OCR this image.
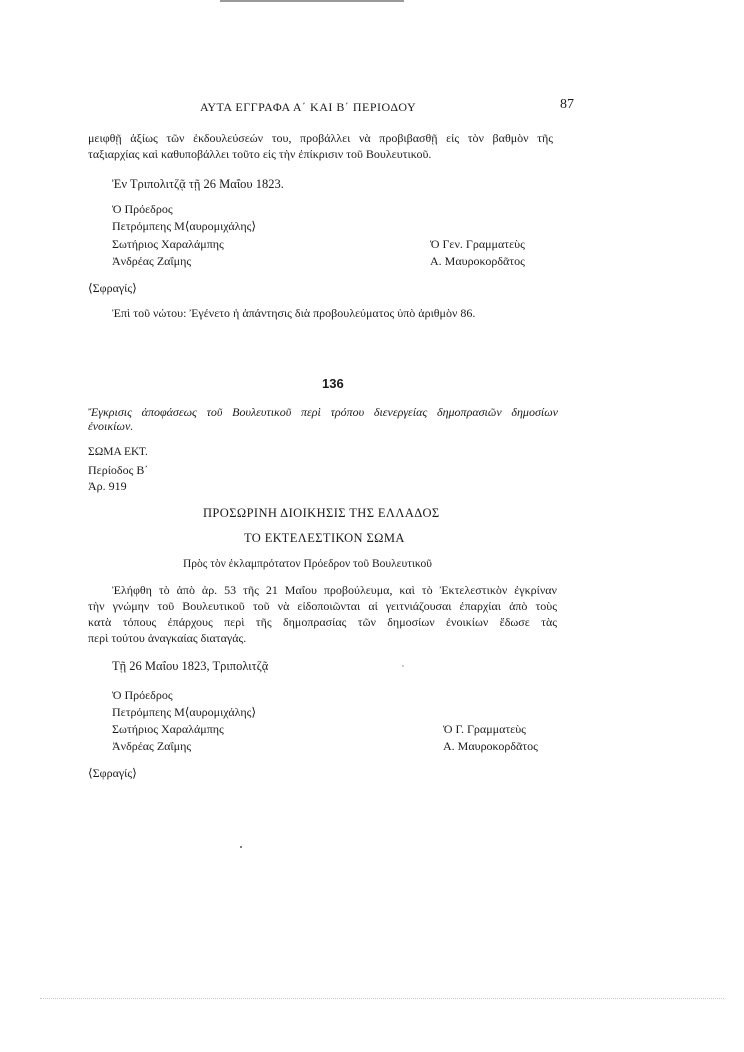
ΑΥΤΑ ΕΓΓΡΑΦΑ Α΄ ΚΑΙ Β΄ ΠΕΡΙΟΔΟΥ	87
μειφθῇ ἀξίως τῶν ἐκδουλεύσεών του, προβάλλει νὰ προβιβασθῇ εἰς τὸν βαθμὸν τῆς
ταξιαρχίας καὶ καθυποβάλλει τοῦτο εἰς τὴν ἐπίκρισιν τοῦ Βουλευτικοῦ.
Ἐν Τριπολιτζᾷ τῇ 26 Μαΐου 1823.
Ὁ Πρόεδρος
Πετρόμπεης Μ⟨αυρομιχάλης⟩
Σωτήριος Χαραλάμπης
Ἀνδρέας Ζαΐμης
Ὁ Γεν. Γραμματεὺς
Α. Μαυροκορδᾶτος
⟨Σφραγίς⟩
Ἐπὶ τοῦ νώτου: Ἐγένετο ἡ ἀπάντησις διὰ προβουλεύματος ὑπὸ ἀριθμὸν 86.
136
Ἔγκρισις ἀποφάσεως τοῦ Βουλευτικοῦ περὶ τρόπου διενεργείας δημοπρασιῶν δημοσίων
ἐνοικίων.
ΣΩΜΑ ΕΚΤ.
Περίοδος Β΄
Ἀρ. 919
ΠΡΟΣΩΡΙΝΗ ΔΙΟΙΚΗΣΙΣ ΤΗΣ ΕΛΛΑΔΟΣ
ΤΟ ΕΚΤΕΛΕΣΤΙΚΟΝ ΣΩΜΑ
Πρὸς τὸν ἐκλαμπρότατον Πρόεδρον τοῦ Βουλευτικοῦ
Ἐλήφθη τὸ ἀπὸ ἀρ. 53 τῆς 21 Μαΐου προβούλευμα, καὶ τὸ Ἐκτελεστικὸν ἐγκρίναν
τὴν γνώμην τοῦ Βουλευτικοῦ τοῦ νὰ εἰδοποιῶνται αἱ γειτνιάζουσαι ἐπαρχίαι ἀπὸ τοὺς
κατὰ τόπους ἐπάρχους περὶ τῆς δημοπρασίας τῶν δημοσίων ἐνοικίων ἔδωσε τὰς
περὶ τούτου ἀναγκαίας διαταγάς.
Τῇ 26 Μαΐου 1823, Τριπολιτζᾷ
Ὁ Πρόεδρος
Πετρόμπεης Μ⟨αυρομιχάλης⟩
Σωτήριος Χαραλάμπης
Ἀνδρέας Ζαΐμης
Ὁ Γ. Γραμματεὺς
Α. Μαυροκορδᾶτος
⟨Σφραγίς⟩
